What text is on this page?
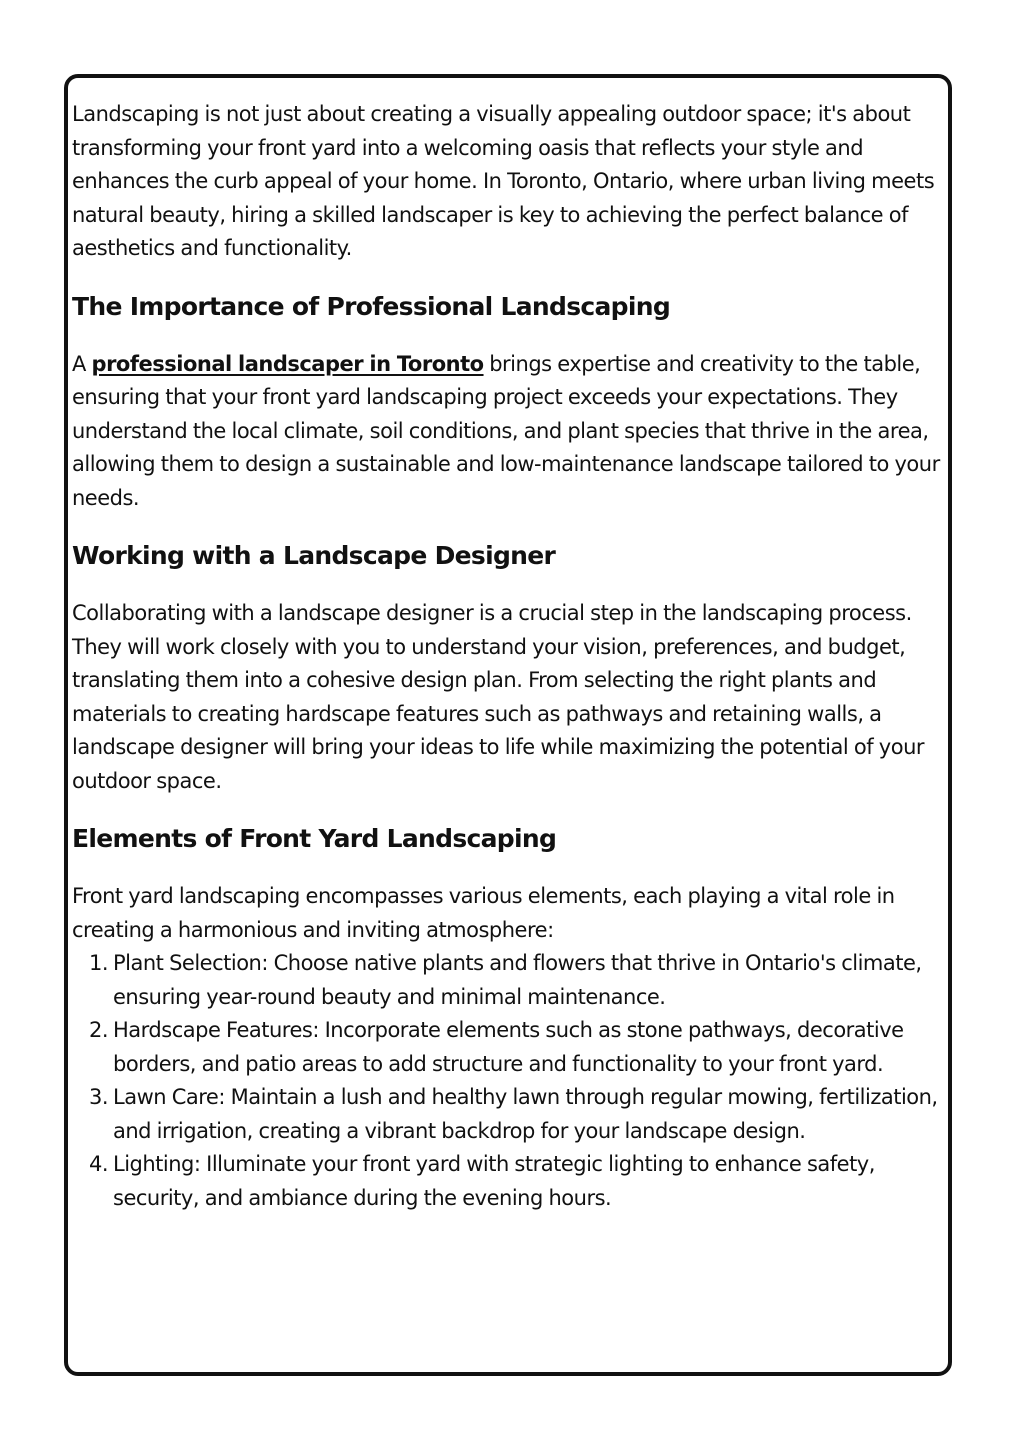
Landscaping is not just about creating a visually appealing outdoor space; it's about transforming your front yard into a welcoming oasis that reflects your style and enhances the curb appeal of your home. In Toronto, Ontario, where urban living meets natural beauty, hiring a skilled landscaper is key to achieving the perfect balance of aesthetics and functionality.

The Importance of Professional Landscaping

A professional landscaper in Toronto brings expertise and creativity to the table, ensuring that your front yard landscaping project exceeds your expectations. They understand the local climate, soil conditions, and plant species that thrive in the area, allowing them to design a sustainable and low-maintenance landscape tailored to your needs.

Working with a Landscape Designer

Collaborating with a landscape designer is a crucial step in the landscaping process. They will work closely with you to understand your vision, preferences, and budget, translating them into a cohesive design plan. From selecting the right plants and materials to creating hardscape features such as pathways and retaining walls, a landscape designer will bring your ideas to life while maximizing the potential of your outdoor space.

Elements of Front Yard Landscaping

Front yard landscaping encompasses various elements, each playing a vital role in creating a harmonious and inviting atmosphere:

1. Plant Selection: Choose native plants and flowers that thrive in Ontario's climate, ensuring year-round beauty and minimal maintenance.
2. Hardscape Features: Incorporate elements such as stone pathways, decorative borders, and patio areas to add structure and functionality to your front yard.
3. Lawn Care: Maintain a lush and healthy lawn through regular mowing, fertilization, and irrigation, creating a vibrant backdrop for your landscape design.
4. Lighting: Illuminate your front yard with strategic lighting to enhance safety, security, and ambiance during the evening hours.
